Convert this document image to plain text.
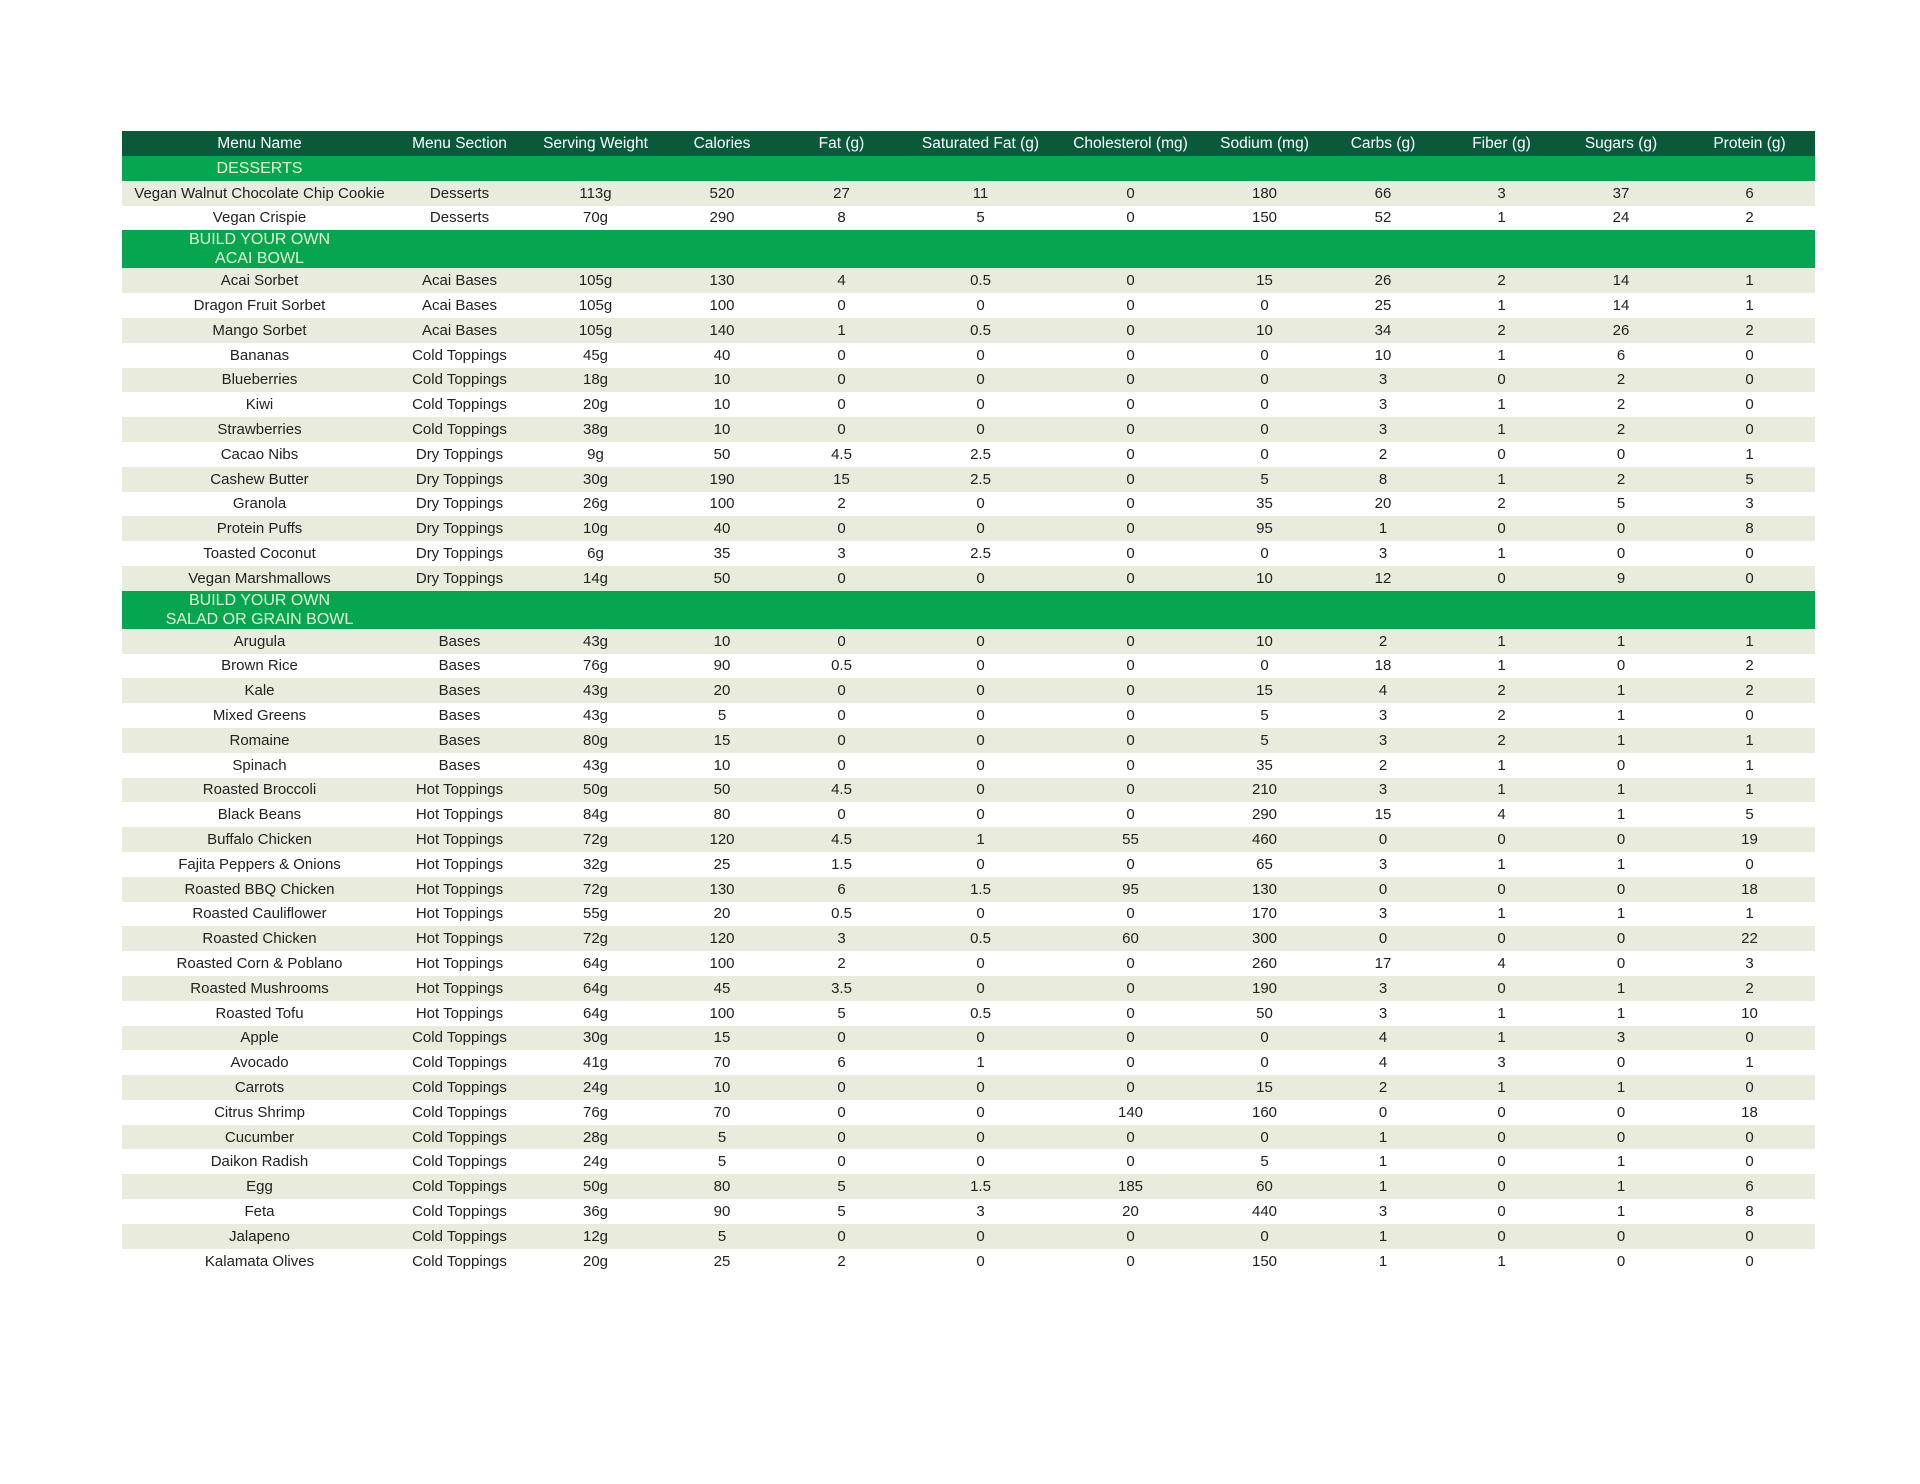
Menu Name	Menu Section	Serving Weight	Calories	Fat (g)	Saturated Fat (g)	Cholesterol (mg)	Sodium (mg)	Carbs (g)	Fiber (g)	Sugars (g)	Protein (g)

DESSERTS											

Vegan Walnut Chocolate Chip Cookie	Desserts	113g	520	27	11	0	180	66	3	37	6
Vegan Crispie	Desserts	70g	290	8	5	0	150	52	1	24	2

BUILD YOUR OWN
ACAI BOWL											

Acai Sorbet	Acai Bases	105g	130	4	0.5	0	15	26	2	14	1
Dragon Fruit Sorbet	Acai Bases	105g	100	0	0	0	0	25	1	14	1
Mango Sorbet	Acai Bases	105g	140	1	0.5	0	10	34	2	26	2
Bananas	Cold Toppings	45g	40	0	0	0	0	10	1	6	0
Blueberries	Cold Toppings	18g	10	0	0	0	0	3	0	2	0
Kiwi	Cold Toppings	20g	10	0	0	0	0	3	1	2	0
Strawberries	Cold Toppings	38g	10	0	0	0	0	3	1	2	0
Cacao Nibs	Dry Toppings	9g	50	4.5	2.5	0	0	2	0	0	1
Cashew Butter	Dry Toppings	30g	190	15	2.5	0	5	8	1	2	5
Granola	Dry Toppings	26g	100	2	0	0	35	20	2	5	3
Protein Puffs	Dry Toppings	10g	40	0	0	0	95	1	0	0	8
Toasted Coconut	Dry Toppings	6g	35	3	2.5	0	0	3	1	0	0
Vegan Marshmallows	Dry Toppings	14g	50	0	0	0	10	12	0	9	0

BUILD YOUR OWN
SALAD OR GRAIN BOWL											

Arugula	Bases	43g	10	0	0	0	10	2	1	1	1
Brown Rice	Bases	76g	90	0.5	0	0	0	18	1	0	2
Kale	Bases	43g	20	0	0	0	15	4	2	1	2
Mixed Greens	Bases	43g	5	0	0	0	5	3	2	1	0
Romaine	Bases	80g	15	0	0	0	5	3	2	1	1
Spinach	Bases	43g	10	0	0	0	35	2	1	0	1
Roasted Broccoli	Hot Toppings	50g	50	4.5	0	0	210	3	1	1	1
Black Beans	Hot Toppings	84g	80	0	0	0	290	15	4	1	5
Buffalo Chicken	Hot Toppings	72g	120	4.5	1	55	460	0	0	0	19
Fajita Peppers & Onions	Hot Toppings	32g	25	1.5	0	0	65	3	1	1	0
Roasted BBQ Chicken	Hot Toppings	72g	130	6	1.5	95	130	0	0	0	18
Roasted Cauliflower	Hot Toppings	55g	20	0.5	0	0	170	3	1	1	1
Roasted Chicken	Hot Toppings	72g	120	3	0.5	60	300	0	0	0	22
Roasted Corn & Poblano	Hot Toppings	64g	100	2	0	0	260	17	4	0	3
Roasted Mushrooms	Hot Toppings	64g	45	3.5	0	0	190	3	0	1	2
Roasted Tofu	Hot Toppings	64g	100	5	0.5	0	50	3	1	1	10
Apple	Cold Toppings	30g	15	0	0	0	0	4	1	3	0
Avocado	Cold Toppings	41g	70	6	1	0	0	4	3	0	1
Carrots	Cold Toppings	24g	10	0	0	0	15	2	1	1	0
Citrus Shrimp	Cold Toppings	76g	70	0	0	140	160	0	0	0	18
Cucumber	Cold Toppings	28g	5	0	0	0	0	1	0	0	0
Daikon Radish	Cold Toppings	24g	5	0	0	0	5	1	0	1	0
Egg	Cold Toppings	50g	80	5	1.5	185	60	1	0	1	6
Feta	Cold Toppings	36g	90	5	3	20	440	3	0	1	8
Jalapeno	Cold Toppings	12g	5	0	0	0	0	1	0	0	0
Kalamata Olives	Cold Toppings	20g	25	2	0	0	150	1	1	0	0
